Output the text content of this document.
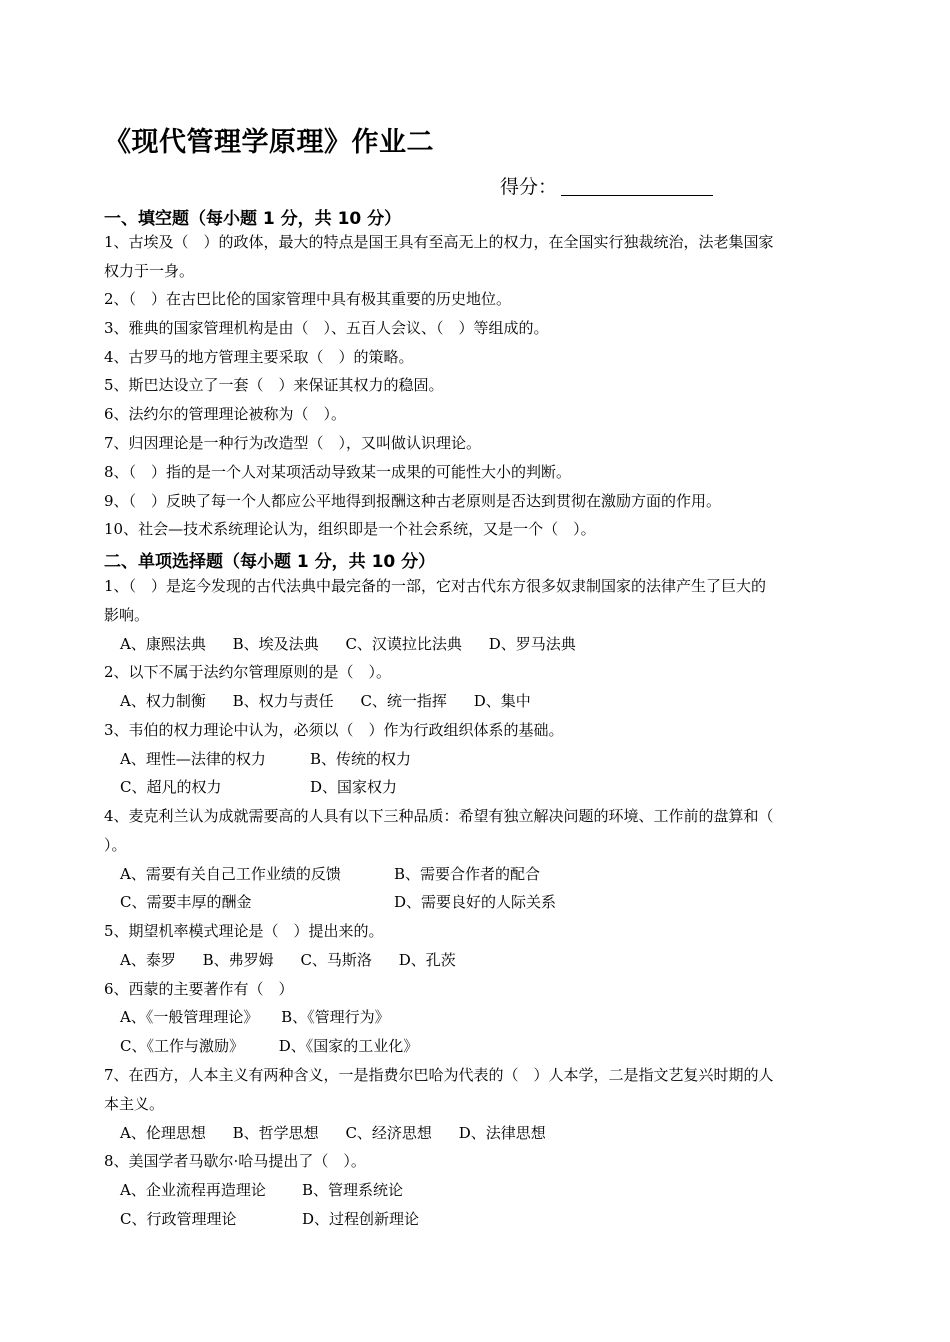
《现代管理学原理》作业二
得分：
一、填空题（每小题 1 分，共 10 分）
1、古埃及（　）的政体，最大的特点是国王具有至高无上的权力，在全国实行独裁统治，法老集国家
权力于一身。
2、（　）在古巴比伦的国家管理中具有极其重要的历史地位。
3、雅典的国家管理机构是由（　）、五百人会议、（　）等组成的。
4、古罗马的地方管理主要采取（　）的策略。
5、斯巴达设立了一套（　）来保证其权力的稳固。
6、法约尔的管理理论被称为（　）。
7、归因理论是一种行为改造型（　），又叫做认识理论。
8、（　）指的是一个人对某项活动导致某一成果的可能性大小的判断。
9、（　）反映了每一个人都应公平地得到报酬这种古老原则是否达到贯彻在激励方面的作用。
10、社会—技术系统理论认为，组织即是一个社会系统，又是一个（　）。
二、单项选择题（每小题 1 分，共 10 分）
1、（　）是迄今发现的古代法典中最完备的一部，它对古代东方很多奴隶制国家的法律产生了巨大的
影响。
A、康熙法典 B、埃及法典 C、汉谟拉比法典 D、罗马法典
2、以下不属于法约尔管理原则的是（　）。
A、权力制衡 B、权力与责任 C、统一指挥 D、集中
3、韦伯的权力理论中认为，必须以（　）作为行政组织体系的基础。
A、理性—法律的权力	B、传统的权力
C、超凡的权力	D、国家权力
4、麦克利兰认为成就需要高的人具有以下三种品质：希望有独立解决问题的环境、工作前的盘算和（
）。
A、需要有关自己工作业绩的反馈	B、需要合作者的配合
C、需要丰厚的酬金	D、需要良好的人际关系
5、期望机率模式理论是（　）提出来的。
A、泰罗 B、弗罗姆 C、马斯洛 D、孔茨
6、西蒙的主要著作有（　）
A、《一般管理理论》 B、《管理行为》
C、《工作与激励》 D、《国家的工业化》
7、在西方，人本主义有两种含义，一是指费尔巴哈为代表的（　）人本学，二是指文艺复兴时期的人
本主义。
A、伦理思想 B、哲学思想 C、经济思想 D、法律思想
8、美国学者马歇尔·哈马提出了（　）。
A、企业流程再造理论 B、管理系统论
C、行政管理理论	D、过程创新理论
